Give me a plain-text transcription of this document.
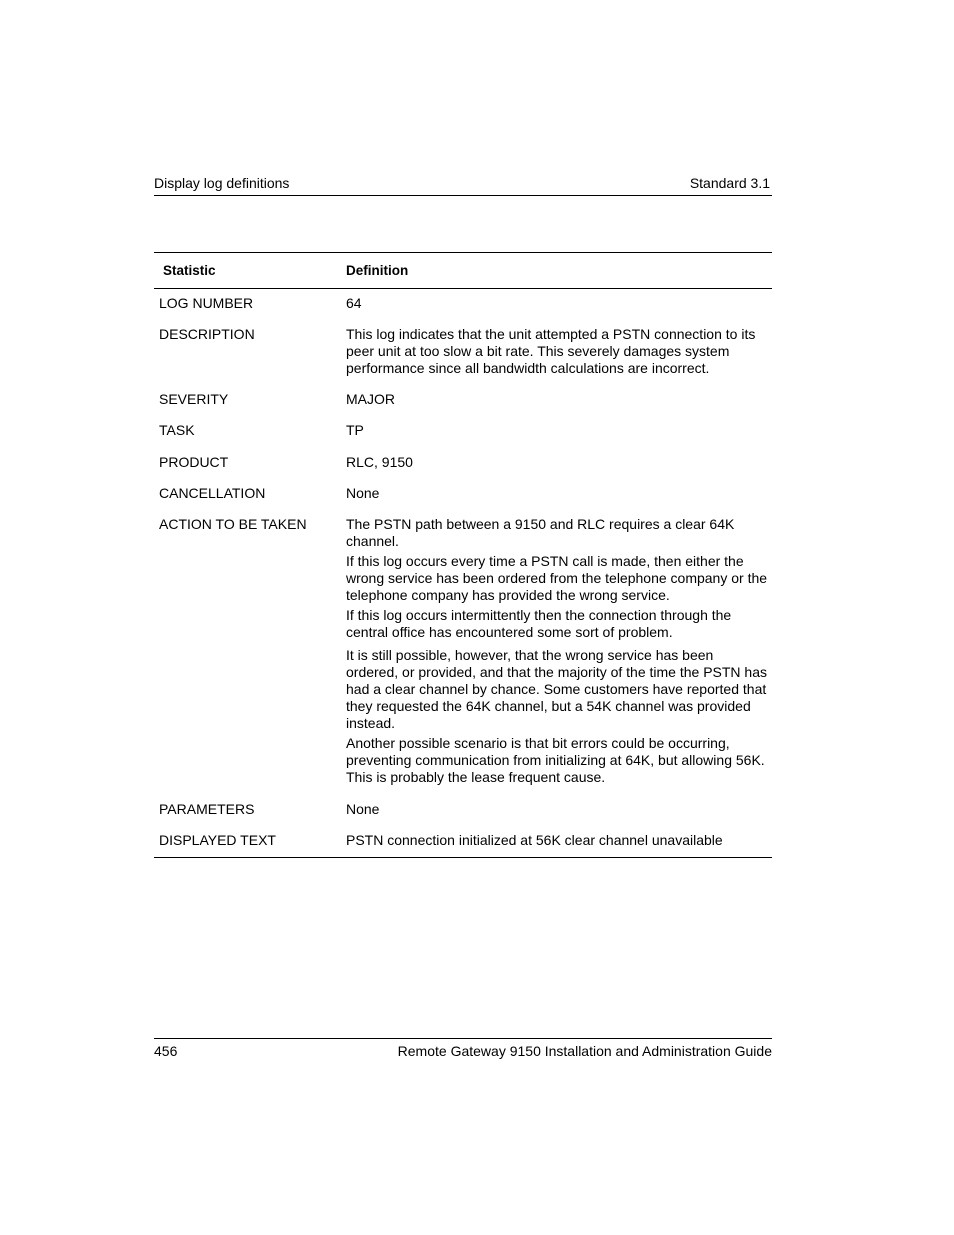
Display log definitions	Standard 3.1
Statistic	Definition
LOG NUMBER	64
DESCRIPTION	This log indicates that the unit attempted a PSTN connection to its peer unit at too slow a bit rate. This severely damages system performance since all bandwidth calculations are incorrect.
SEVERITY	MAJOR
TASK	TP
PRODUCT	RLC, 9150
CANCELLATION	None
ACTION TO BE TAKEN	The PSTN path between a 9150 and RLC requires a clear 64K channel.

If this log occurs every time a PSTN call is made, then either the wrong service has been ordered from the telephone company or the telephone company has provided the wrong service.

If this log occurs intermittently then the connection through the central office has encountered some sort of problem.

It is still possible, however, that the wrong service has been ordered, or provided, and that the majority of the time the PSTN has had a clear channel by chance. Some customers have reported that they requested the 64K channel, but a 54K channel was provided instead.

Another possible scenario is that bit errors could be occurring, preventing communication from initializing at 64K, but allowing 56K. This is probably the lease frequent cause.

PARAMETERS	None
DISPLAYED TEXT	PSTN connection initialized at 56K clear channel unavailable
456	Remote Gateway 9150 Installation and Administration Guide
